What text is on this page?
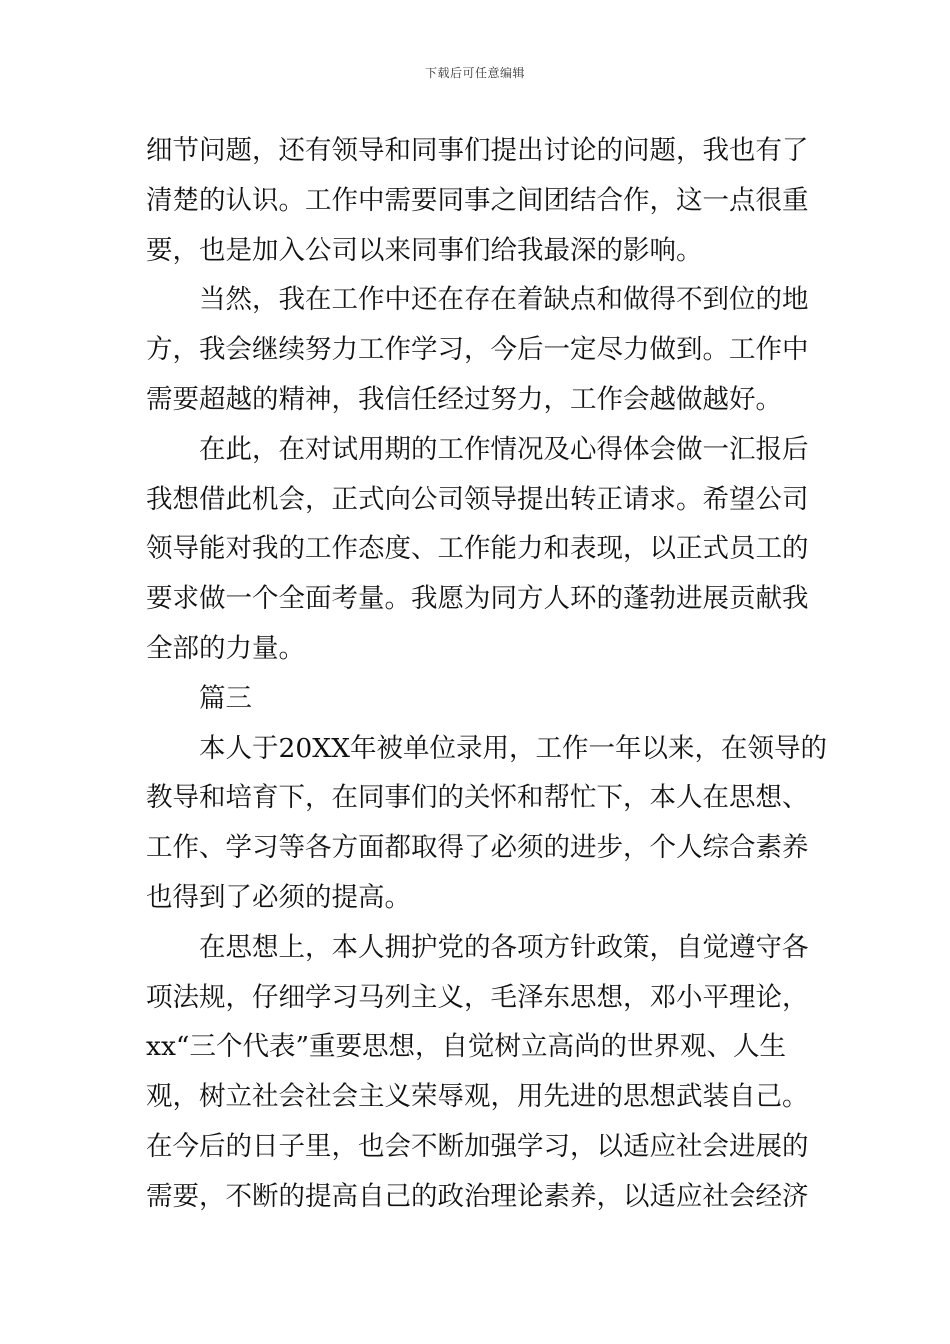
下载后可任意编辑
细节问题，还有领导和同事们提出讨论的问题，我也有了
清楚的认识。工作中需要同事之间团结合作，这一点很重
要，也是加入公司以来同事们给我最深的影响。
当然，我在工作中还在存在着缺点和做得不到位的地
方，我会继续努力工作学习，今后一定尽力做到。工作中
需要超越的精神，我信任经过努力，工作会越做越好。
在此，在对试用期的工作情况及心得体会做一汇报后
我想借此机会，正式向公司领导提出转正请求。希望公司
领导能对我的工作态度、工作能力和表现，以正式员工的
要求做一个全面考量。我愿为同方人环的蓬勃进展贡献我
全部的力量。
篇三
本人于20XX年被单位录用，工作一年以来，在领导的
教导和培育下，在同事们的关怀和帮忙下，本人在思想、
工作、学习等各方面都取得了必须的进步，个人综合素养
也得到了必须的提高。
在思想上，本人拥护党的各项方针政策，自觉遵守各
项法规，仔细学习马列主义，毛泽东思想，邓小平理论，
xx“三个代表”重要思想，自觉树立高尚的世界观、人生
观，树立社会社会主义荣辱观，用先进的思想武装自己。
在今后的日子里，也会不断加强学习，以适应社会进展的
需要，不断的提高自己的政治理论素养，以适应社会经济
